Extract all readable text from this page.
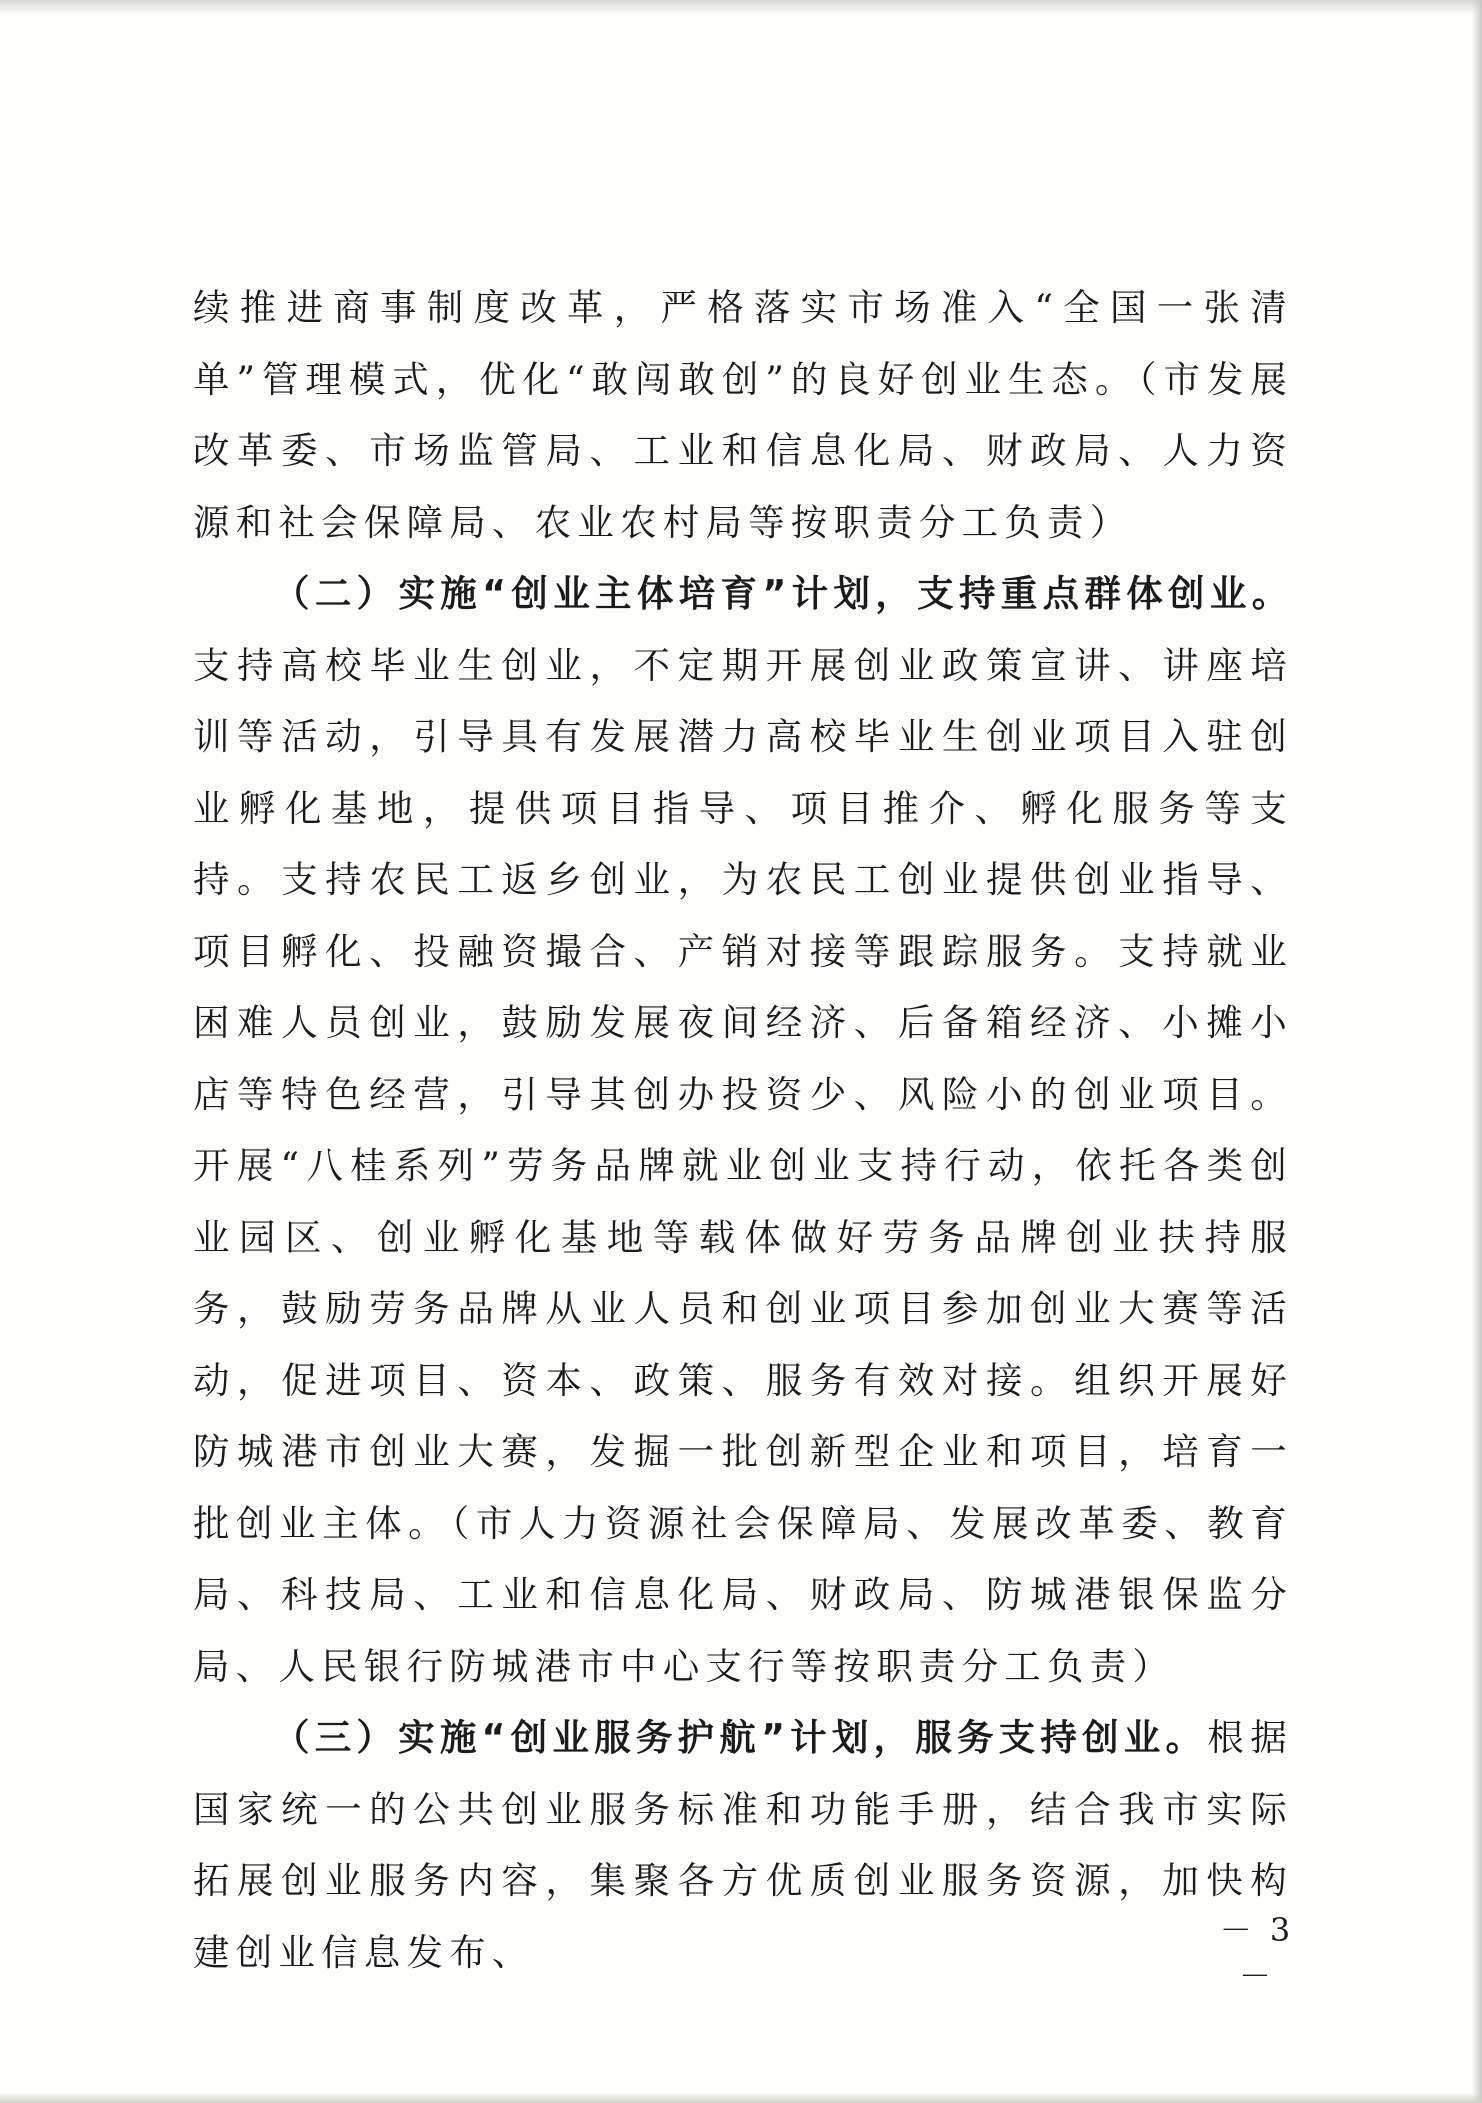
续推进商事制度改革，严格落实市场准入“全国一张清单”管理模式，优化“敢闯敢创”的良好创业生态。（市发展改革委、市场监管局、工业和信息化局、财政局、人力资源和社会保障局、农业农村局等按职责分工负责）

（二）实施“创业主体培育”计划，支持重点群体创业。支持高校毕业生创业，不定期开展创业政策宣讲、讲座培训等活动，引导具有发展潜力高校毕业生创业项目入驻创业孵化基地，提供项目指导、项目推介、孵化服务等支持。支持农民工返乡创业，为农民工创业提供创业指导、项目孵化、投融资撮合、产销对接等跟踪服务。支持就业困难人员创业，鼓励发展夜间经济、后备箱经济、小摊小店等特色经营，引导其创办投资少、风险小的创业项目。开展“八桂系列”劳务品牌就业创业支持行动，依托各类创业园区、创业孵化基地等载体做好劳务品牌创业扶持服务，鼓励劳务品牌从业人员和创业项目参加创业大赛等活动，促进项目、资本、政策、服务有效对接。组织开展好防城港市创业大赛，发掘一批创新型企业和项目，培育一批创业主体。（市人力资源社会保障局、发展改革委、教育局、科技局、工业和信息化局、财政局、防城港银保监分局、人民银行防城港市中心支行等按职责分工负责）

（三）实施“创业服务护航”计划，服务支持创业。根据国家统一的公共创业服务标准和功能手册，结合我市实际拓展创业服务内容，集聚各方优质创业服务资源，加快构建创业信息发布、

－ 3 －
